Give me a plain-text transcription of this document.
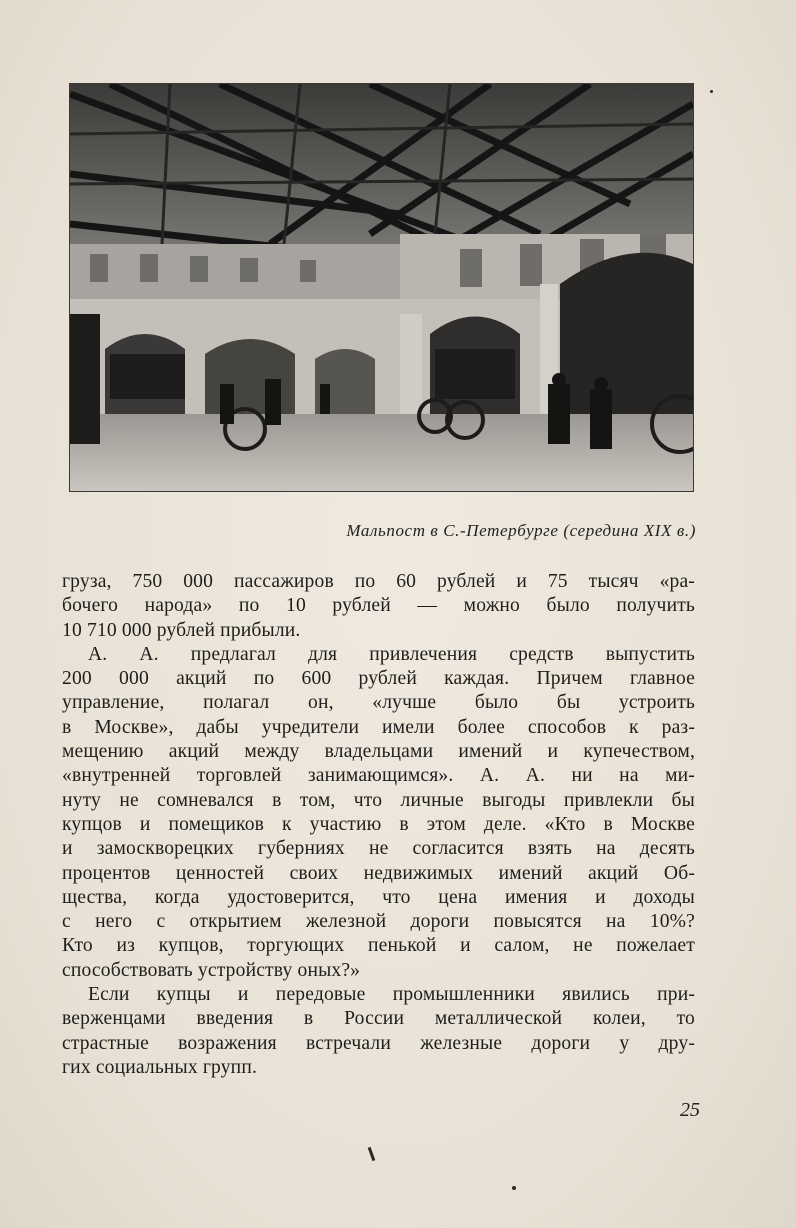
Мальпост в С.-Петербурге (середина XIX в.)
груза, 750 000 пассажиров по 60 рублей и 75 тысяч «ра-
бочего народа» по 10 рублей — можно было получить
10 710 000 рублей прибыли.
А. А. предлагал для привлечения средств выпустить
200 000 акций по 600 рублей каждая. Причем главное
управление, полагал он, «лучше было бы устроить
в Москве», дабы учредители имели более способов к раз-
мещению акций между владельцами имений и купечеством,
«внутренней торговлей занимающимся». А. А. ни на ми-
нуту не сомневался в том, что личные выгоды привлекли бы
купцов и помещиков к участию в этом деле. «Кто в Москве
и замоскворецких губерниях не согласится взять на десять
процентов ценностей своих недвижимых имений акций Об-
щества, когда удостоверится, что цена имения и доходы
с него с открытием железной дороги повысятся на 10%?
Кто из купцов, торгующих пенькой и салом, не пожелает
способствовать устройству оных?»
Если купцы и передовые промышленники явились при-
верженцами введения в России металлической колеи, то
страстные возражения встречали железные дороги у дру-
гих социальных групп.
25
